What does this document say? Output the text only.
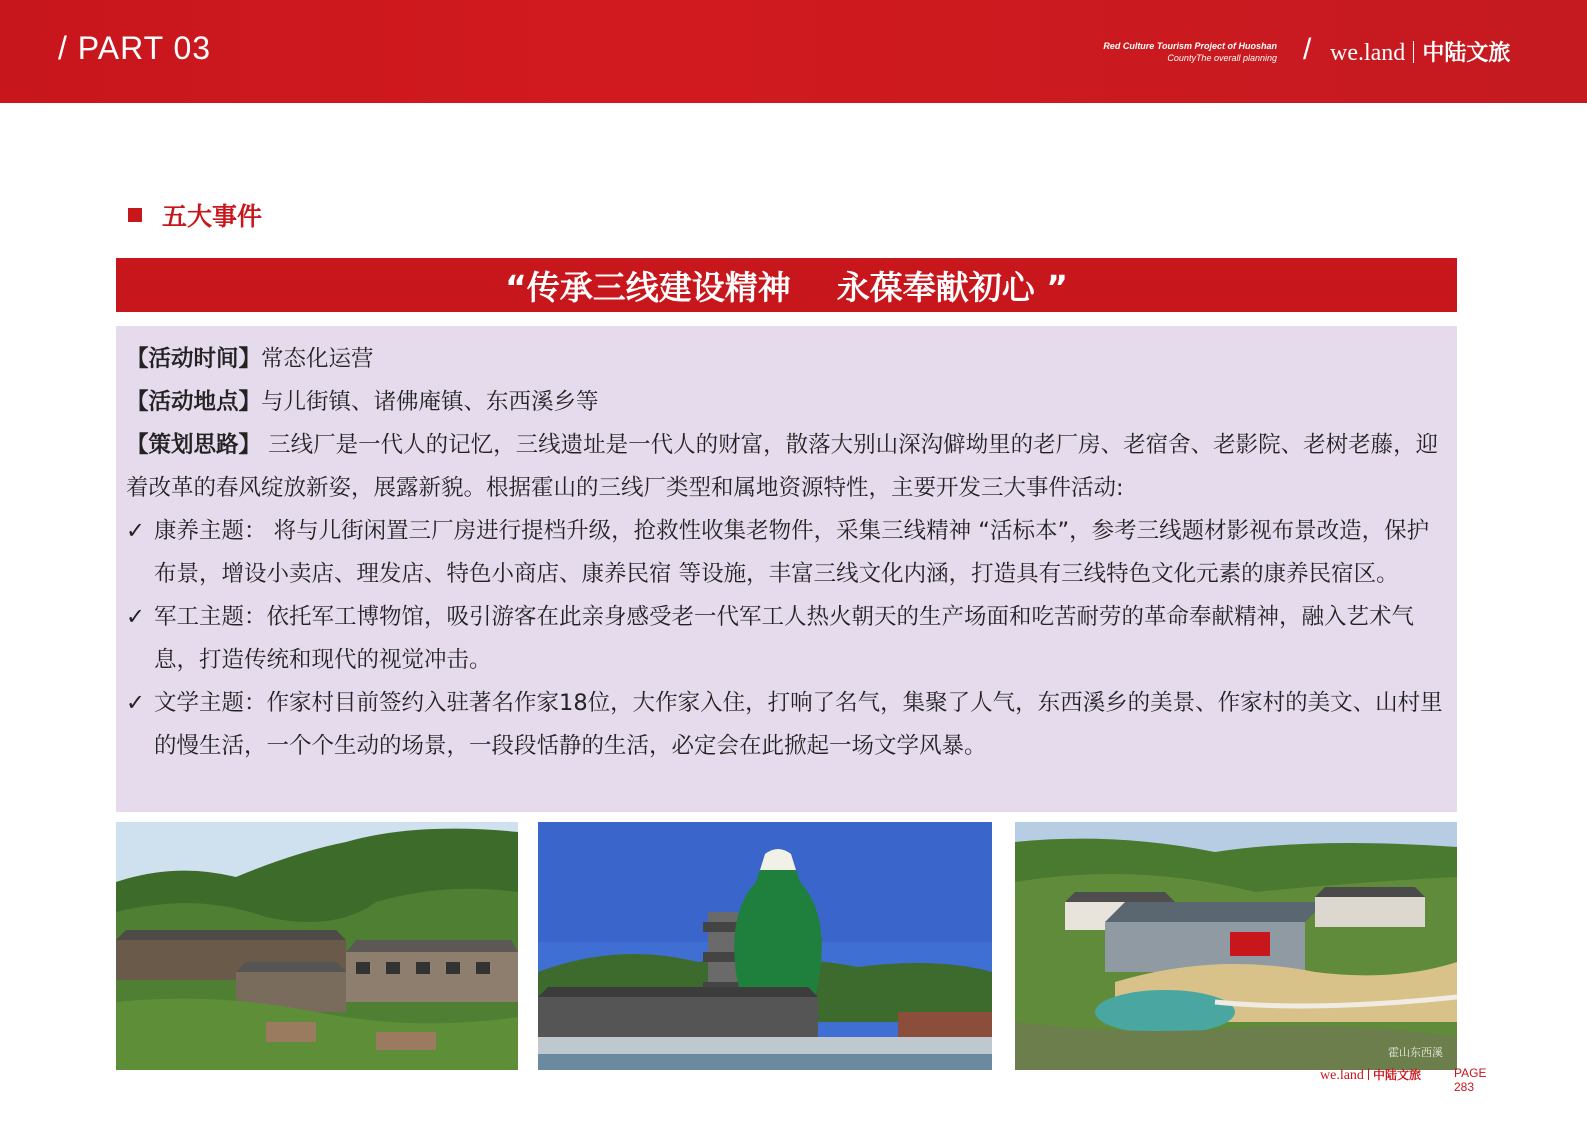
/ PART 03	Red Culture Tourism Project of Huoshan
CountyThe overall planning / we.land 中陆文旅
五大事件
“传承三线建设精神    永葆奉献初心 ”
【活动时间】常态化运营
【活动地点】与儿街镇、诸佛庵镇、东西溪乡等
【策划思路】 三线厂是一代人的记忆，三线遗址是一代人的财富，散落大别山深沟僻坳里的老厂房、老宿舍、老影院、老树老藤，迎着改革的春风绽放新姿，展露新貌。根据霍山的三线厂类型和属地资源特性，主要开发三大事件活动:
✓ 康养主题： 将与儿街闲置三厂房进行提档升级，抢救性收集老物件，采集三线精神 “活标本”，参考三线题材影视布景改造，保护布景，增设小卖店、理发店、特色小商店、康养民宿 等设施，丰富三线文化内涵，打造具有三线特色文化元素的康养民宿区。
✓ 军工主题：依托军工博物馆，吸引游客在此亲身感受老一代军工人热火朝天的生产场面和吃苦耐劳的革命奉献精神，融入艺术气息，打造传统和现代的视觉冲击。
✓ 文学主题：作家村目前签约入驻著名作家18位，大作家入住，打响了名气，集聚了人气，东西溪乡的美景、作家村的美文、山村里的慢生活，一个个生动的场景，一段段恬静的生活，必定会在此掀起一场文学风暴。
霍山东西溪
we.land 中陆文旅	PAGE
283
